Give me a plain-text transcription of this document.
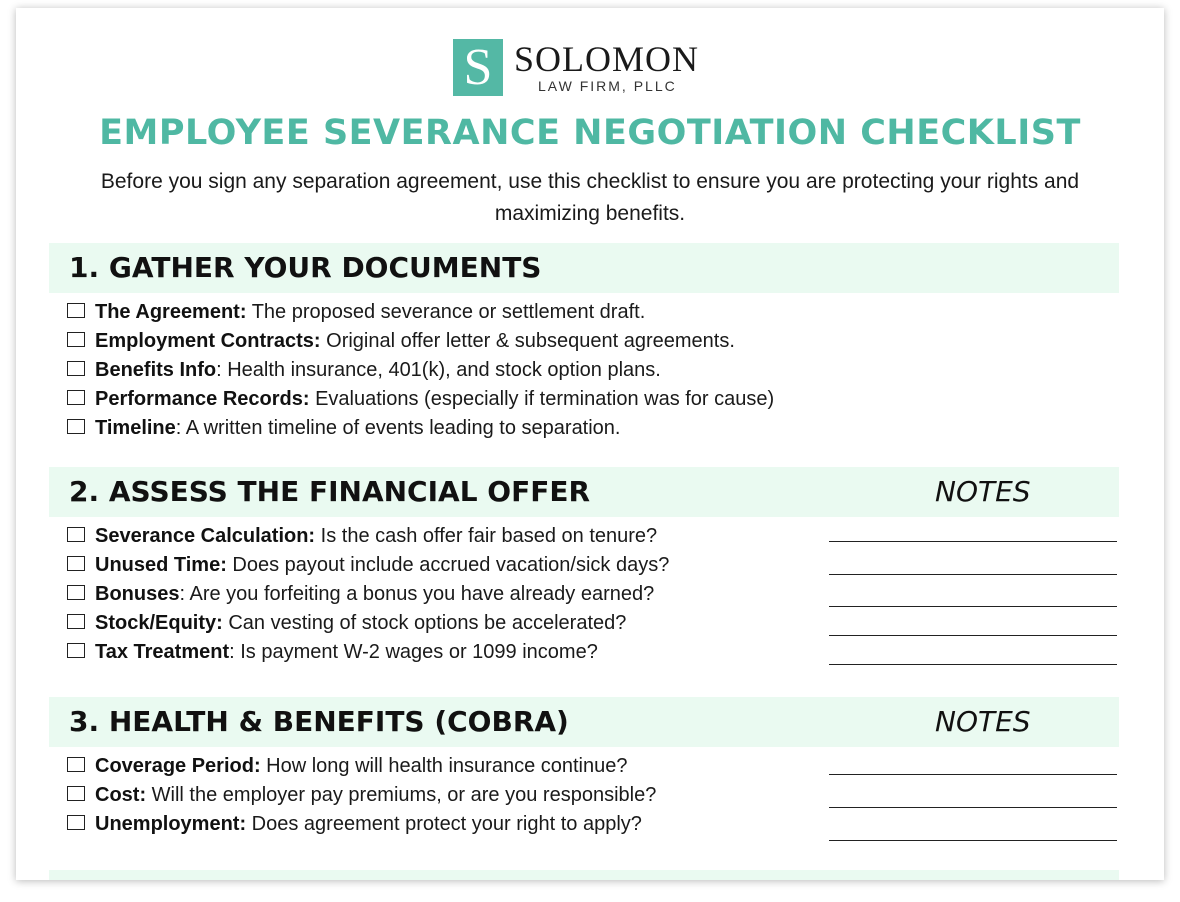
S SOLOMON
LAW FIRM, PLLC
EMPLOYEE SEVERANCE NEGOTIATION CHECKLIST
Before you sign any separation agreement, use this checklist to ensure you are protecting your rights and maximizing benefits.
1. GATHER YOUR DOCUMENTS
The Agreement: The proposed severance or settlement draft.
Employment Contracts: Original offer letter & subsequent agreements.
Benefits Info: Health insurance, 401(k), and stock option plans.
Performance Records: Evaluations (especially if termination was for cause)
Timeline: A written timeline of events leading to separation.
2. ASSESS THE FINANCIAL OFFER	NOTES
Severance Calculation: Is the cash offer fair based on tenure?
Unused Time: Does payout include accrued vacation/sick days?
Bonuses: Are you forfeiting a bonus you have already earned?
Stock/Equity: Can vesting of stock options be accelerated?
Tax Treatment: Is payment W-2 wages or 1099 income?
3. HEALTH & BENEFITS (COBRA)	NOTES
Coverage Period: How long will health insurance continue?
Cost: Will the employer pay premiums, or are you responsible?
Unemployment: Does agreement protect your right to apply?
